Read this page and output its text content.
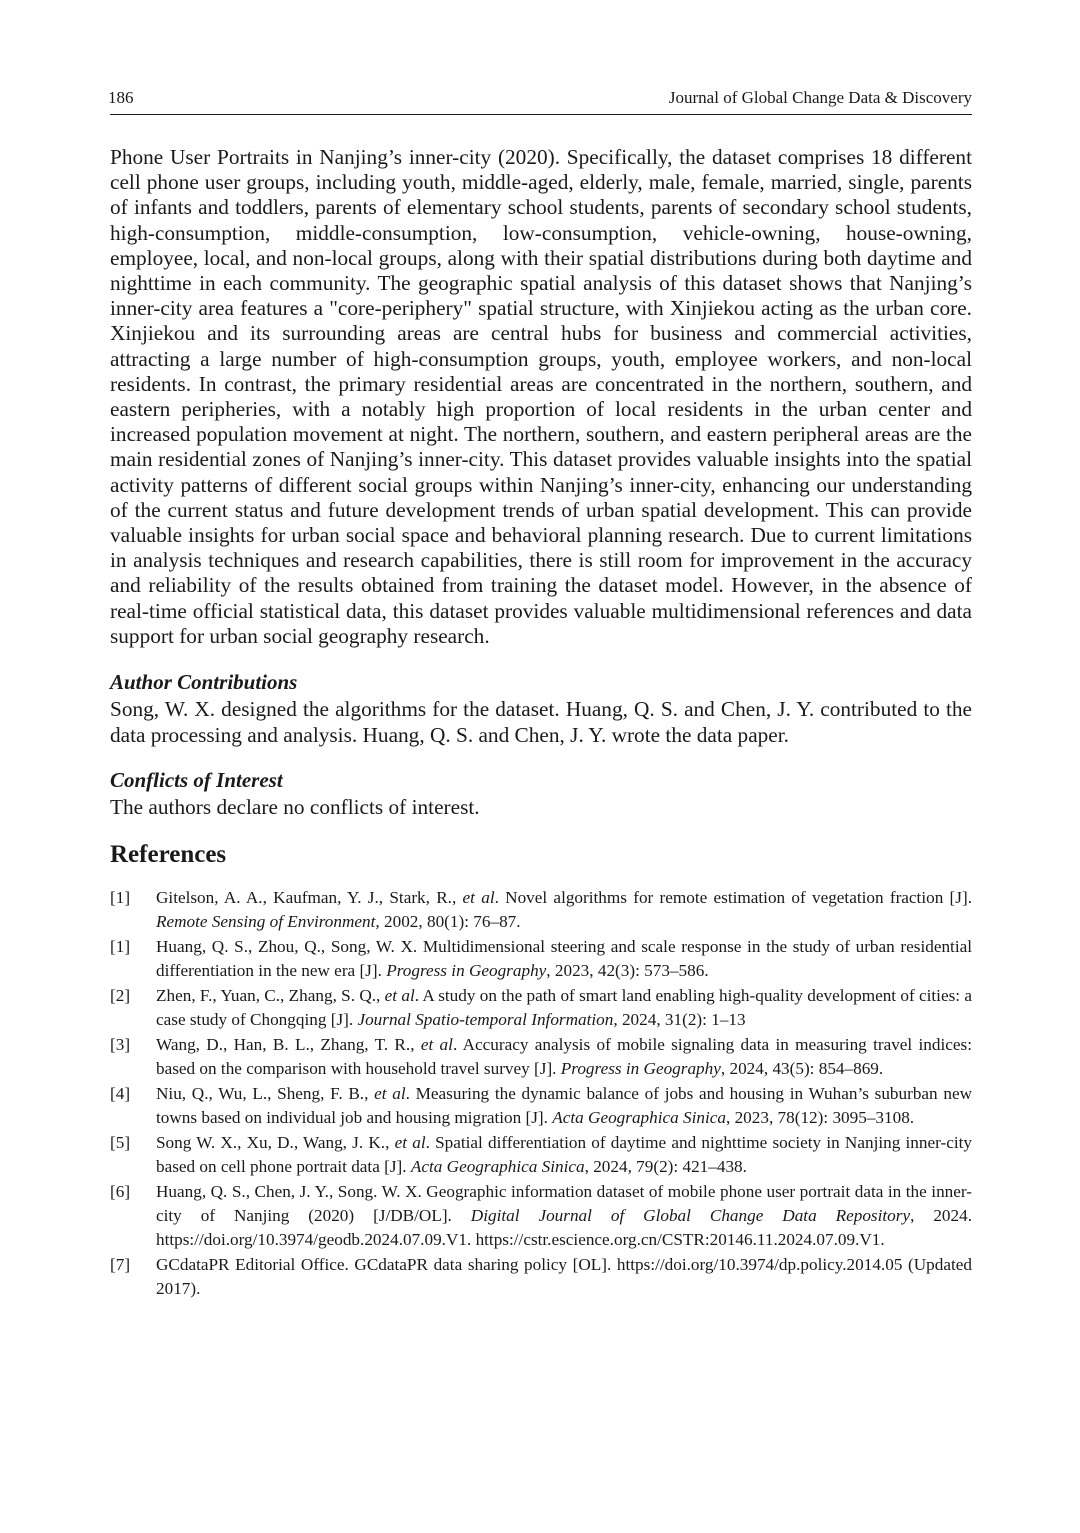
186	Journal of Global Change Data & Discovery

Phone User Portraits in Nanjing’s inner-city (2020). Specifically, the dataset comprises 18 different cell phone user groups, including youth, middle-aged, elderly, male, female, married, single, parents of infants and toddlers, parents of elementary school students, parents of secondary school students, high-consumption, middle-consumption, low-consumption, vehicle-owning, house-owning, employee, local, and non-local groups, along with their spatial distributions during both daytime and nighttime in each community. The geographic spatial analysis of this dataset shows that Nanjing’s inner-city area features a "core-periphery" spatial structure, with Xinjiekou acting as the urban core. Xinjiekou and its surrounding areas are central hubs for business and commercial activities, attracting a large number of high-consumption groups, youth, employee workers, and non-local residents. In contrast, the primary residential areas are concentrated in the northern, southern, and eastern peripheries, with a notably high proportion of local residents in the urban center and increased population movement at night. The northern, southern, and eastern peripheral areas are the main residential zones of Nanjing’s inner-city. This dataset provides valuable insights into the spatial activity patterns of different social groups within Nanjing’s inner-city, enhancing our understanding of the current status and future development trends of urban spatial development. This can provide valuable insights for urban social space and behavioral planning research. Due to current limitations in analysis techniques and research capabilities, there is still room for improvement in the accuracy and reliability of the results obtained from training the dataset model. However, in the absence of real-time official statistical data, this dataset provides valuable multidimensional references and data support for urban social geography research.

Author Contributions
Song, W. X. designed the algorithms for the dataset. Huang, Q. S. and Chen, J. Y. contributed to the data processing and analysis. Huang, Q. S. and Chen, J. Y. wrote the data paper.
Conflicts of Interest
The authors declare no conflicts of interest.
References
[1]	Gitelson, A. A., Kaufman, Y. J., Stark, R., et al. Novel algorithms for remote estimation of vegetation fraction [J]. Remote Sensing of Environment, 2002, 80(1): 76–87.
[1]	Huang, Q. S., Zhou, Q., Song, W. X. Multidimensional steering and scale response in the study of urban residential differentiation in the new era [J]. Progress in Geography, 2023, 42(3): 573–586.
[2]	Zhen, F., Yuan, C., Zhang, S. Q., et al. A study on the path of smart land enabling high-quality development of cities: a case study of Chongqing [J]. Journal Spatio-temporal Information, 2024, 31(2): 1–13
[3]	Wang, D., Han, B. L., Zhang, T. R., et al. Accuracy analysis of mobile signaling data in measuring travel indices: based on the comparison with household travel survey [J]. Progress in Geography, 2024, 43(5): 854–869.
[4]	Niu, Q., Wu, L., Sheng, F. B., et al. Measuring the dynamic balance of jobs and housing in Wuhan’s suburban new towns based on individual job and housing migration [J]. Acta Geographica Sinica, 2023, 78(12): 3095–3108.
[5]	Song W. X., Xu, D., Wang, J. K., et al. Spatial differentiation of daytime and nighttime society in Nanjing inner-city based on cell phone portrait data [J]. Acta Geographica Sinica, 2024, 79(2): 421–438.
[6]	Huang, Q. S., Chen, J. Y., Song. W. X. Geographic information dataset of mobile phone user portrait data in the inner-city of Nanjing (2020) [J/DB/OL]. Digital Journal of Global Change Data Repository, 2024. https://doi.org/10.3974/geodb.2024.07.09.V1. https://cstr.escience.org.cn/CSTR:20146.11.2024.07.09.V1.
[7]	GCdataPR Editorial Office. GCdataPR data sharing policy [OL]. https://doi.org/10.3974/dp.policy.2014.05 (Updated 2017).
